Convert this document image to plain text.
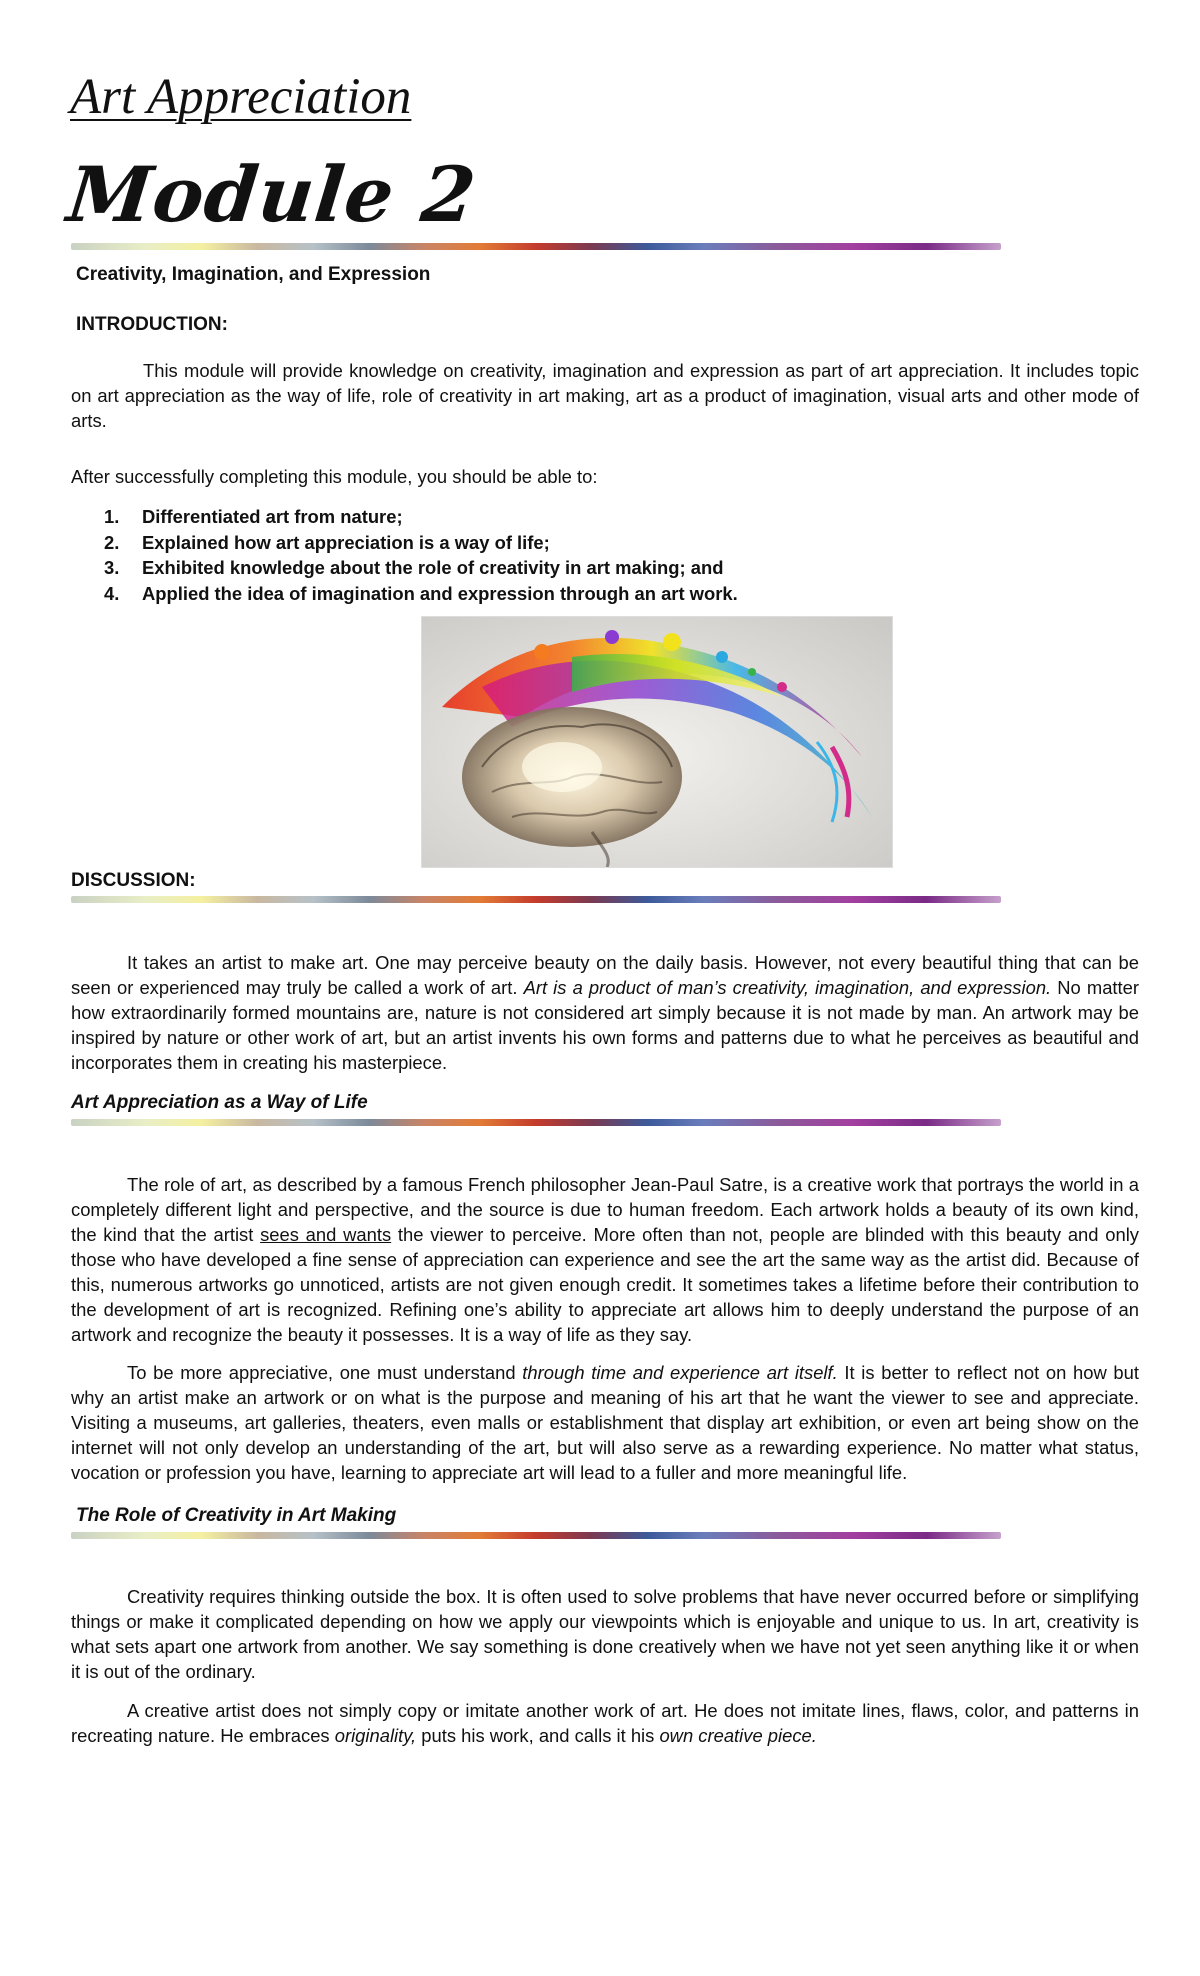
Art Appreciation
Module 2
Creativity, Imagination, and Expression
INTRODUCTION:

This module will provide knowledge on creativity, imagination and expression as part of art appreciation. It includes topic on art appreciation as the way of life, role of creativity in art making, art as a product of imagination, visual arts and other mode of arts.

After successfully completing this module, you should be able to:

1. Differentiated art from nature;
2. Explained how art appreciation is a way of life;
3. Exhibited knowledge about the role of creativity in art making; and
4. Applied the idea of imagination and expression through an art work.
DISCUSSION:

It takes an artist to make art. One may perceive beauty on the daily basis. However, not every beautiful thing that can be seen or experienced may truly be called a work of art. Art is a product of man’s creativity, imagination, and expression. No matter how extraordinarily formed mountains are, nature is not considered art simply because it is not made by man. An artwork may be inspired by nature or other work of art, but an artist invents his own forms and patterns due to what he perceives as beautiful and incorporates them in creating his masterpiece.

Art Appreciation as a Way of Life

The role of art, as described by a famous French philosopher Jean-Paul Satre, is a creative work that portrays the world in a completely different light and perspective, and the source is due to human freedom. Each artwork holds a beauty of its own kind, the kind that the artist sees and wants the viewer to perceive. More often than not, people are blinded with this beauty and only those who have developed a fine sense of appreciation can experience and see the art the same way as the artist did. Because of this, numerous artworks go unnoticed, artists are not given enough credit. It sometimes takes a lifetime before their contribution to the development of art is recognized. Refining one’s ability to appreciate art allows him to deeply understand the purpose of an artwork and recognize the beauty it possesses. It is a way of life as they say.

To be more appreciative, one must understand through time and experience art itself. It is better to reflect not on how but why an artist make an artwork or on what is the purpose and meaning of his art that he want the viewer to see and appreciate. Visiting a museums, art galleries, theaters, even malls or establishment that display art exhibition, or even art being show on the internet will not only develop an understanding of the art, but will also serve as a rewarding experience. No matter what status, vocation or profession you have, learning to appreciate art will lead to a fuller and more meaningful life.

The Role of Creativity in Art Making

Creativity requires thinking outside the box. It is often used to solve problems that have never occurred before or simplifying things or make it complicated depending on how we apply our viewpoints which is enjoyable and unique to us. In art, creativity is what sets apart one artwork from another. We say something is done creatively when we have not yet seen anything like it or when it is out of the ordinary.

A creative artist does not simply copy or imitate another work of art. He does not imitate lines, flaws, color, and patterns in recreating nature. He embraces originality, puts his work, and calls it his own creative piece.
